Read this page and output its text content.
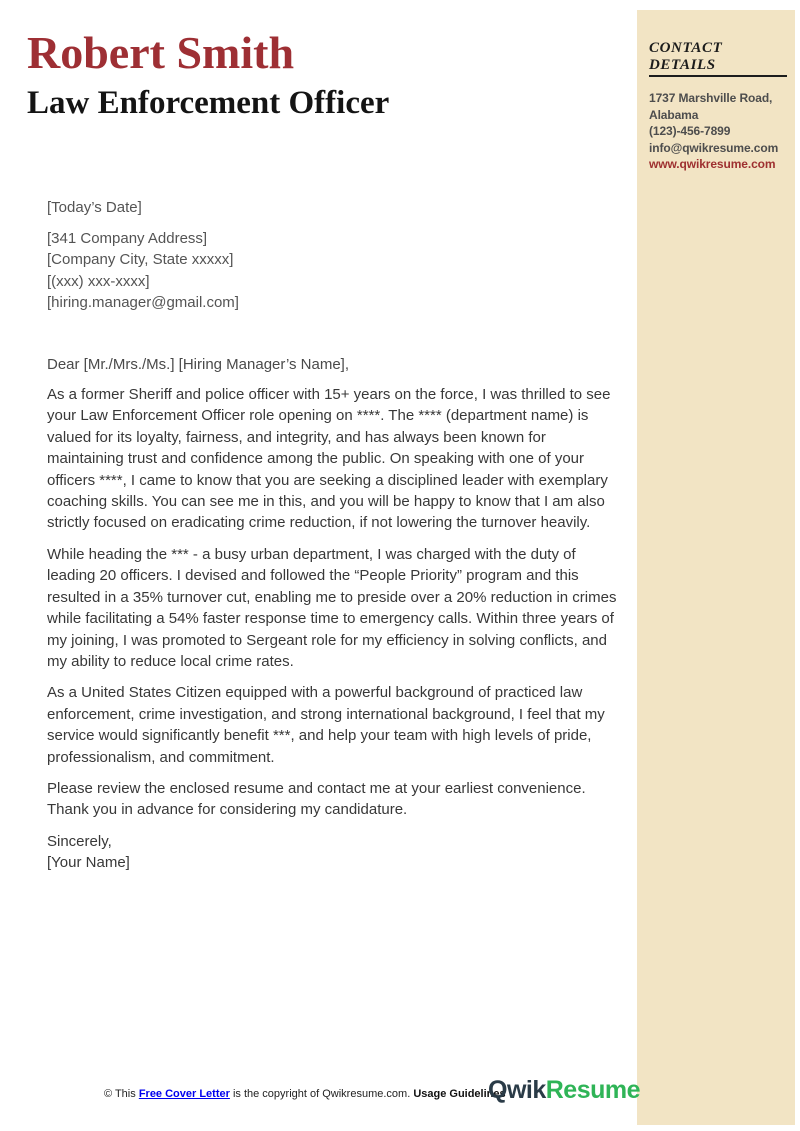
Robert Smith
Law Enforcement Officer

[Today’s Date]

[341 Company Address]

[Company City, State xxxxx]

[(xxx) xxx-xxxx]

[hiring.manager@gmail.com]

Dear [Mr./Mrs./Ms.] [Hiring Manager’s Name],

As a former Sheriff and police officer with 15+ years on the force, I was thrilled to see your Law Enforcement Officer role opening on ****. The **** (department name) is valued for its loyalty, fairness, and integrity, and has always been known for maintaining trust and confidence among the public. On speaking with one of your officers ****, I came to know that you are seeking a disciplined leader with exemplary coaching skills. You can see me in this, and you will be happy to know that I am also strictly focused on eradicating crime reduction, if not lowering the turnover heavily.

While heading the *** - a busy urban department, I was charged with the duty of leading 20 officers. I devised and followed the “People Priority” program and this resulted in a 35% turnover cut, enabling me to preside over a 20% reduction in crimes while facilitating a 54% faster response time to emergency calls. Within three years of my joining, I was promoted to Sergeant role for my efficiency in solving conflicts, and my ability to reduce local crime rates.

As a United States Citizen equipped with a powerful background of practiced law enforcement, crime investigation, and strong international background, I feel that my service would significantly benefit ***, and help your team with high levels of pride, professionalism, and commitment.

Please review the enclosed resume and contact me at your earliest convenience. Thank you in advance for considering my candidature.

Sincerely,

[Your Name]

CONTACT DETAILS
1737 Marshville Road,
Alabama
(123)-456-7899
info@qwikresume.com
www.qwikresume.com
© This Free Cover Letter is the copyright of Qwikresume.com. Usage Guidelines
QwikResume
